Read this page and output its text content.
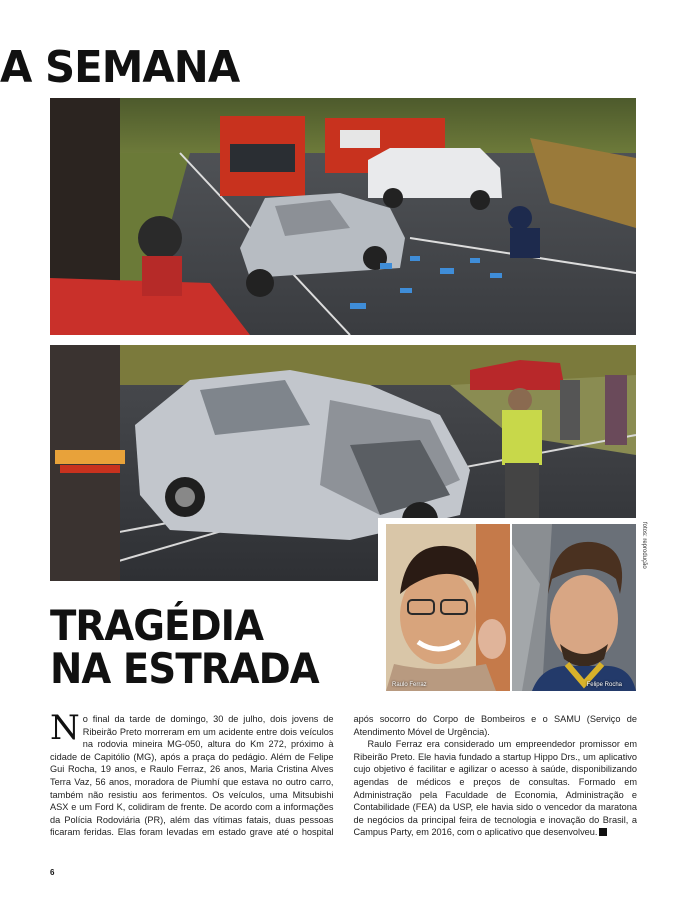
A SEMANA
Raulo Ferraz	Felipe Rocha
fotos: reprodução
TRAGÉDIA
NA ESTRADA

No final da tarde de domingo, 30 de julho, dois jovens de Ribeirão Preto morreram em um acidente entre dois veículos na rodovia mineira MG-050, altura do Km 272, próximo à cidade de Capitólio (MG), após a praça do pedágio. Além de Felipe Gui Rocha, 19 anos, e Raulo Ferraz, 26 anos, Maria Cristina Alves Terra Vaz, 56 anos, moradora de Piumhí que estava no outro carro, também não resistiu aos ferimentos. Os veículos, uma Mitsubishi ASX e um Ford K, colidiram de frente. De acordo com a informações da Polícia Rodoviária (PR), além das vítimas fatais, duas pessoas ficaram feridas. Elas foram levadas em estado grave até o hospital após socorro do Corpo de Bombeiros e o SAMU (Serviço de Atendimento Móvel de Urgência).

Raulo Ferraz era considerado um empreendedor promissor em Ribeirão Preto. Ele havia fundado a startup Hippo Drs., um aplicativo cujo objetivo é facilitar e agilizar o acesso à saúde, disponibilizando agendas de médicos e preços de consultas. Formado em Administração pela Faculdade de Economia, Administração e Contabilidade (FEA) da USP, ele havia sido o vencedor da maratona de negócios da principal feira de tecnologia e inovação do Brasil, a Campus Party, em 2016, com o aplicativo que desenvolveu.

6
